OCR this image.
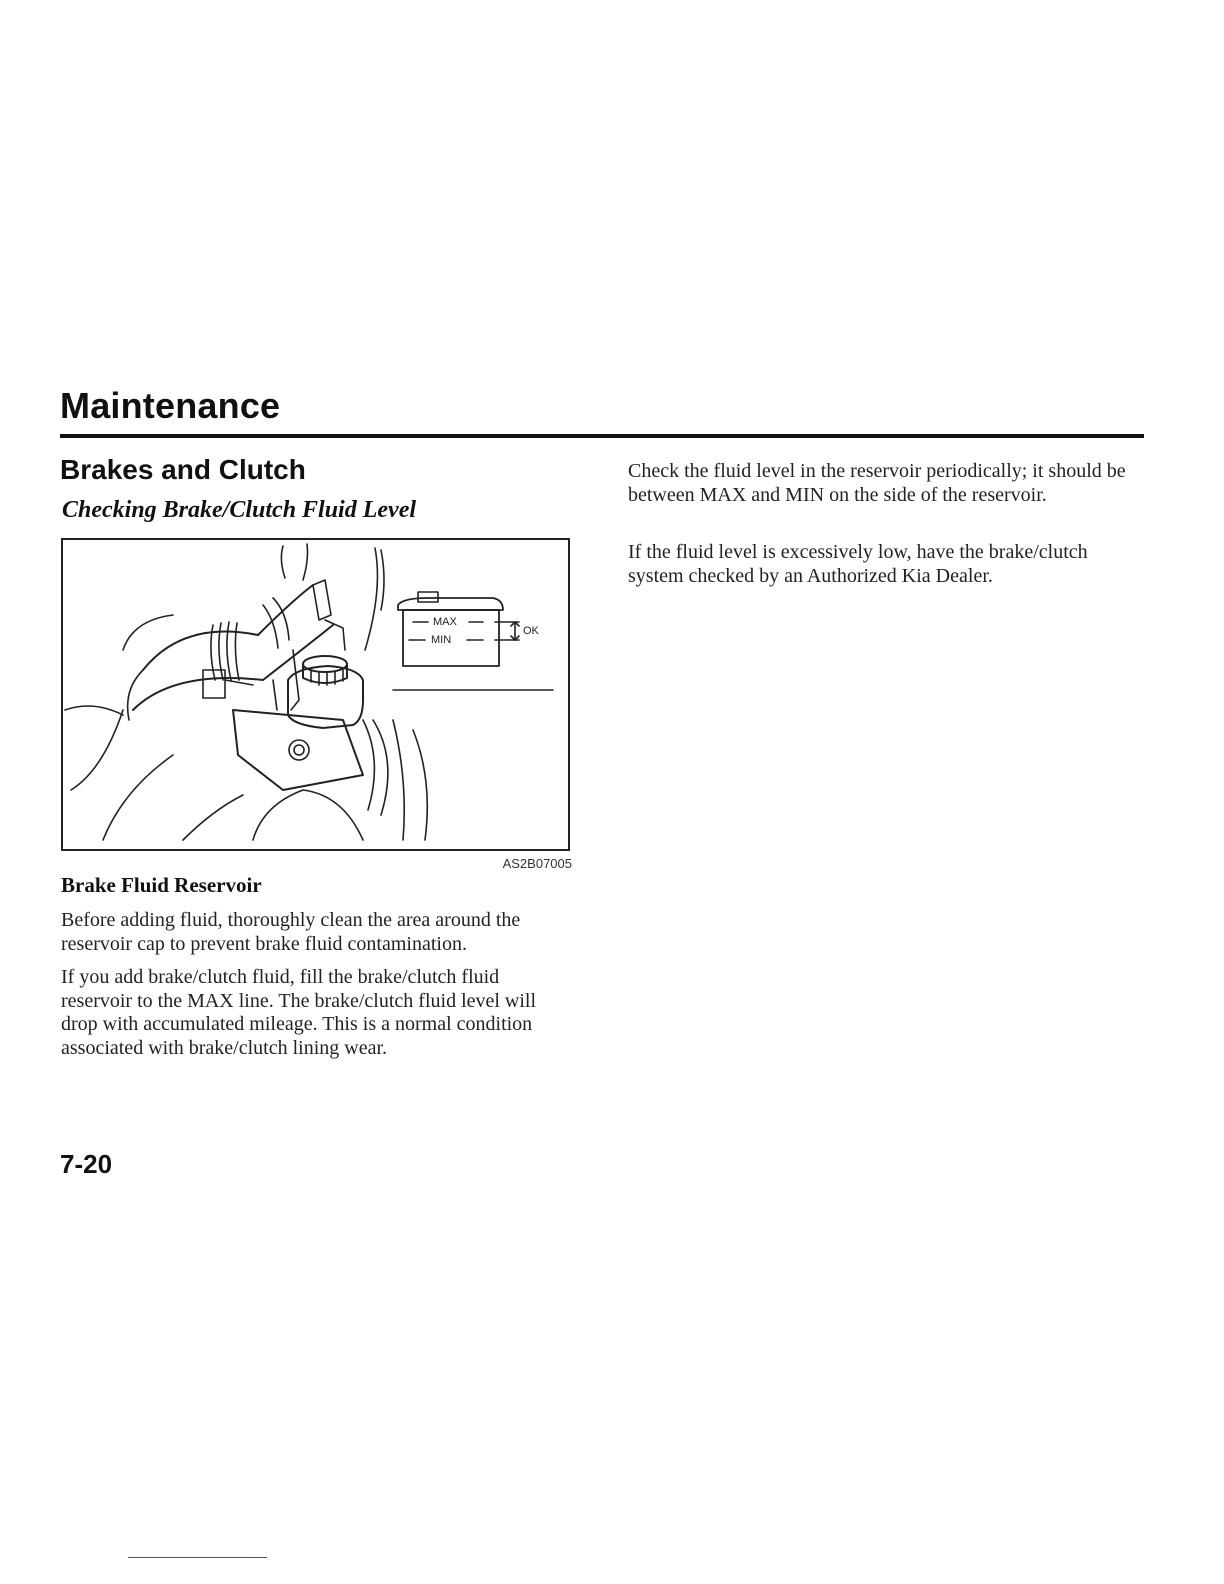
Maintenance
Brakes and Clutch
Checking Brake/Clutch Fluid Level
MAX
MIN
OK
AS2B07005
Brake Fluid Reservoir

Before adding fluid, thoroughly clean the area around the reservoir cap to prevent brake fluid contamination.

If you add brake/clutch fluid, fill the brake/clutch fluid reservoir to the MAX line. The brake/clutch fluid level will drop with accumulated mileage. This is a normal condition associated with brake/clutch lining wear.

Check the fluid level in the reservoir periodically; it should be between MAX and MIN on the side of the reservoir.

If the fluid level is excessively low, have the brake/clutch system checked by an Authorized Kia Dealer.

7-20
